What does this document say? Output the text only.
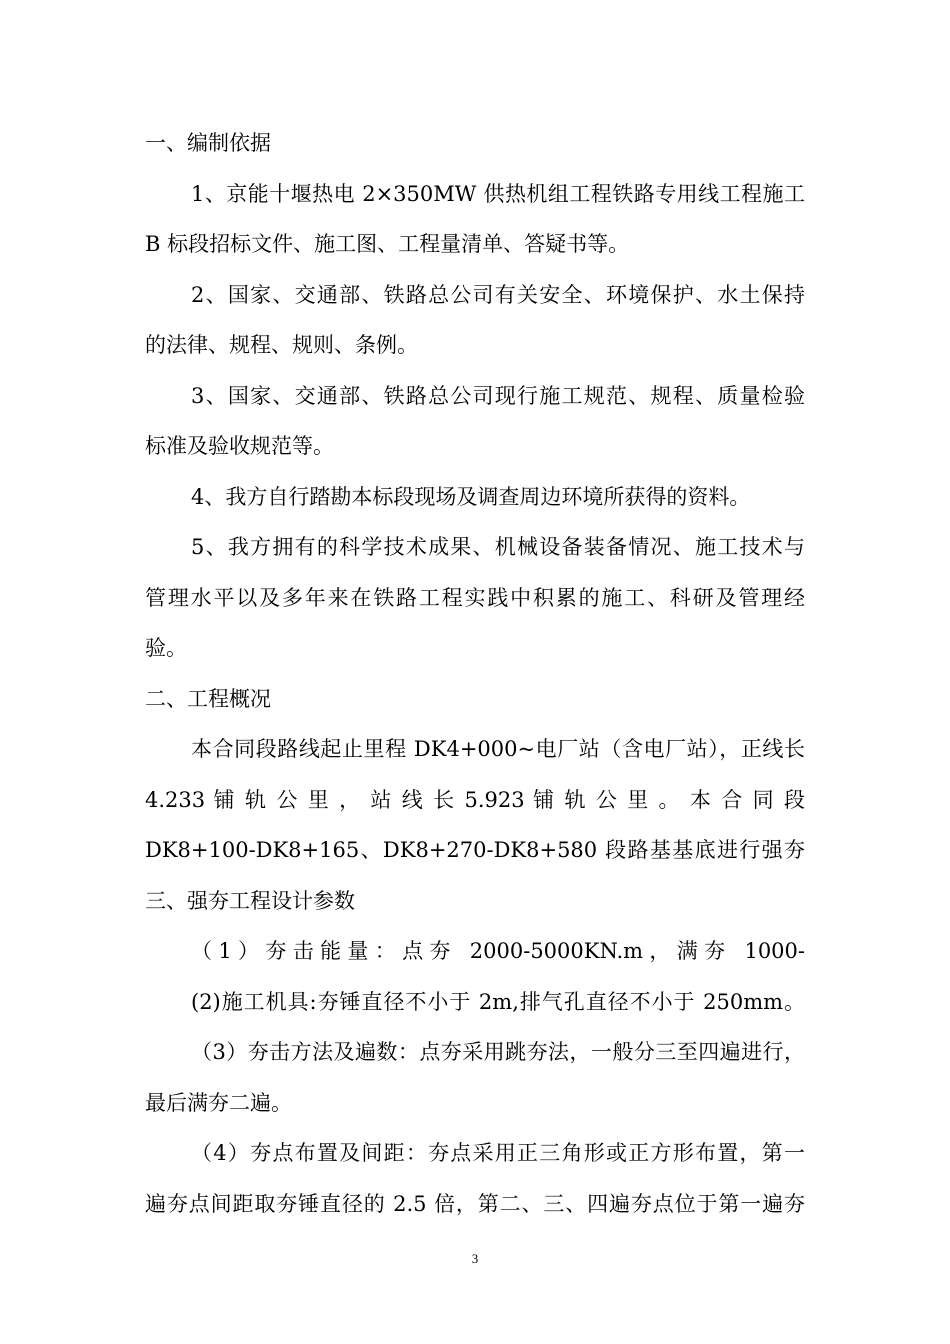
一、编制依据
1、京能十堰热电 2×350MW 供热机组工程铁路专用线工程施工
B 标段招标文件、施工图、工程量清单、答疑书等。
2、国家、交通部、铁路总公司有关安全、环境保护、水土保持
的法律、规程、规则、条例。
3、国家、交通部、铁路总公司现行施工规范、规程、质量检验
标准及验收规范等。
4、我方自行踏勘本标段现场及调查周边环境所获得的资料。
5、我方拥有的科学技术成果、机械设备装备情况、施工技术与
管理水平以及多年来在铁路工程实践中积累的施工、科研及管理经
验。
二、工程概况
本合同段路线起止里程 DK4+000~电厂站（含电厂站），正线长
4.233 铺 轨 公 里 ， 站 线 长 5.923 铺 轨 公 里 。 本 合 同 段
DK8+100-DK8+165、DK8+270-DK8+580 段路基基底进行强夯
三、强夯工程设计参数
（1）夯击能量：点夯 2000-5000KN.m，满夯 1000-
(2)施工机具:夯锤直径不小于 2m,排气孔直径不小于 250mm。
（3）夯击方法及遍数：点夯采用跳夯法，一般分三至四遍进行，
最后满夯二遍。
（4）夯点布置及间距：夯点采用正三角形或正方形布置，第一
遍夯点间距取夯锤直径的 2.5 倍，第二、三、四遍夯点位于第一遍夯
3
